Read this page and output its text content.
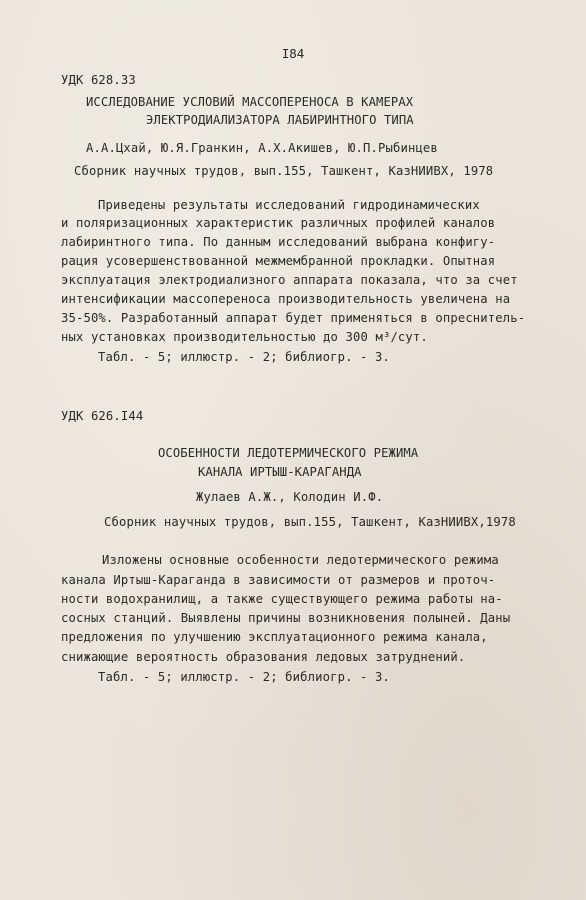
I84
УДК 628.33
ИССЛЕДОВАНИЕ УСЛОВИЙ МАССОПЕРЕНОСА В КАМЕРАХ
ЭЛЕКТРОДИАЛИЗАТОРА ЛАБИРИНТНОГО ТИПА
А.А.Цхай, Ю.Я.Гранкин, А.Х.Акишев, Ю.П.Рыбинцев
Сборник научных трудов, вып.155, Ташкент, КазНИИВХ, 1978
Приведены результаты исследований гидродинамических
и поляризационных характеристик различных профилей каналов
лабиринтного типа. По данным исследований выбрана конфигу-
рация усовершенствованной межмембранной прокладки. Опытная
эксплуатация электродиализного аппарата показала, что за счет
интенсификации массопереноса производительность увеличена на
35-50%. Разработанный аппарат будет применяться в опреснитель-
ных установках производительностью до 300 м³/сут.
Табл. - 5; иллюстр. - 2; библиогр. - 3.
УДК 626.I44
ОСОБЕННОСТИ ЛЕДОТЕРМИЧЕСКОГО РЕЖИМА
КАНАЛА ИРТЫШ-КАРАГАНДА
Жулаев А.Ж., Колодин И.Ф.
Сборник научных трудов, вып.155, Ташкент, КазНИИВХ,1978
Изложены основные особенности ледотермического режима
канала Иртыш-Караганда в зависимости от размеров и проточ-
ности водохранилищ, а также существующего режима работы на-
сосных станций. Выявлены причины возникновения полыней. Даны
предложения по улучшению эксплуатационного режима канала,
снижающие вероятность образования ледовых затруднений.
Табл. - 5; иллюстр. - 2; библиогр. - 3.
